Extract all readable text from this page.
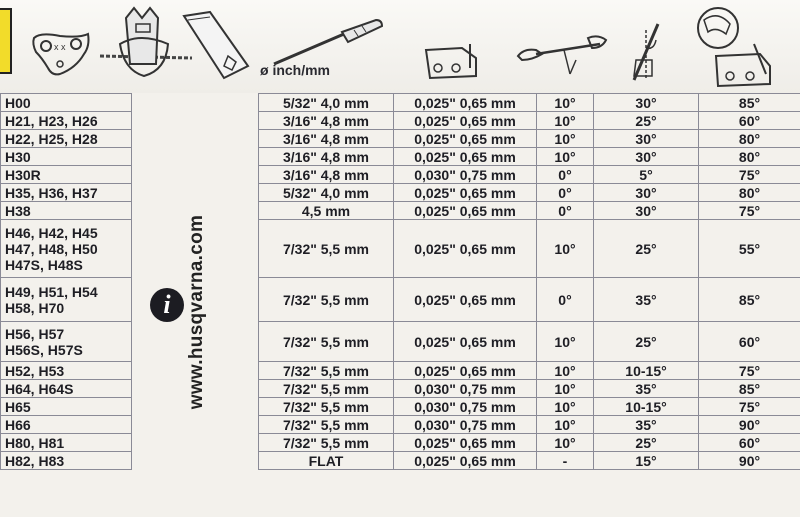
x x
ø inch/mm
H00		5/32" 4,0 mm	0,025" 0,65 mm	10°	30°	85°
H21, H23, H26		3/16" 4,8 mm	0,025" 0,65 mm	10°	25°	60°
H22, H25, H28		3/16" 4,8 mm	0,025" 0,65 mm	10°	30°	80°
H30		3/16" 4,8 mm	0,025" 0,65 mm	10°	30°	80°
H30R		3/16" 4,8 mm	0,030" 0,75 mm	0°	5°	75°
H35, H36, H37		5/32" 4,0 mm	0,025" 0,65 mm	0°	30°	80°
H38		4,5 mm	0,025" 0,65 mm	0°	30°	75°
H46, H42, H45
H47, H48, H50
H47S, H48S		7/32" 5,5 mm	0,025" 0,65 mm	10°	25°	55°
H49, H51, H54
H58, H70		7/32" 5,5 mm	0,025" 0,65 mm	0°	35°	85°
H56, H57
H56S, H57S		7/32" 5,5 mm	0,025" 0,65 mm	10°	25°	60°
H52, H53		7/32" 5,5 mm	0,025" 0,65 mm	10°	10-15°	75°
H64, H64S		7/32" 5,5 mm	0,030" 0,75 mm	10°	35°	85°
H65		7/32" 5,5 mm	0,030" 0,75 mm	10°	10-15°	75°
H66		7/32" 5,5 mm	0,030" 0,75 mm	10°	35°	90°
H80, H81		7/32" 5,5 mm	0,025" 0,65 mm	10°	25°	60°
H82, H83		FLAT	0,025" 0,65 mm	-	15°	90°
i www.husqvarna.com
